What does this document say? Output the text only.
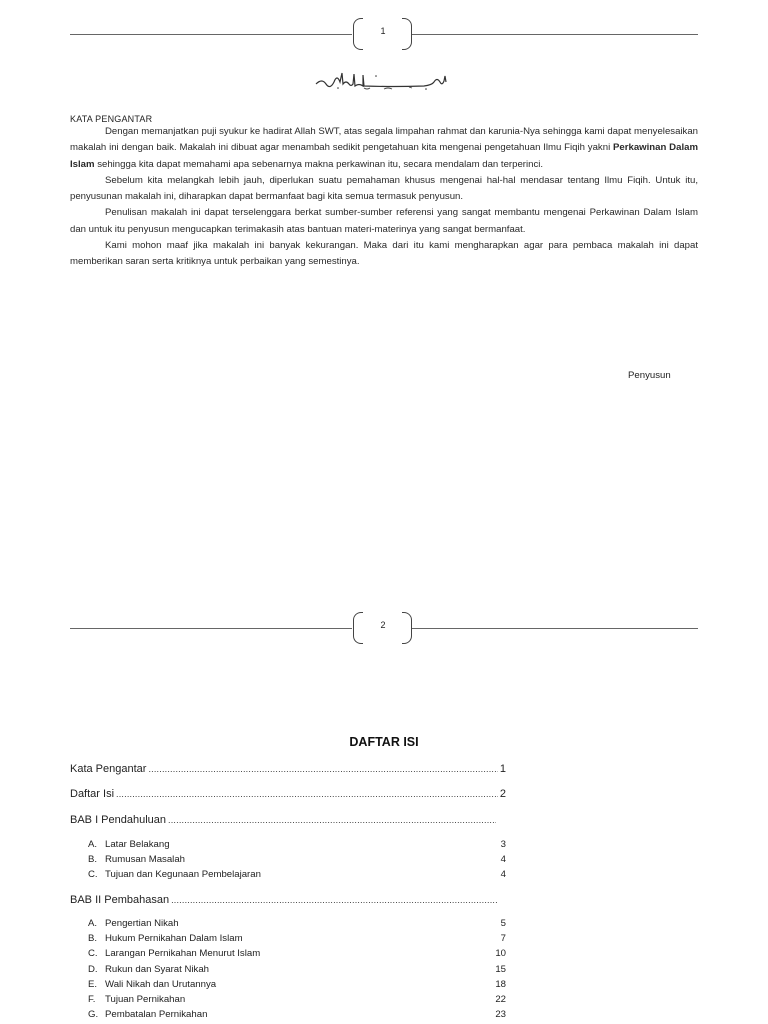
1
KATA PENGANTAR

Dengan memanjatkan puji syukur ke hadirat Allah SWT, atas segala limpahan rahmat dan karunia-Nya sehingga kami dapat menyelesaikan makalah ini dengan baik. Makalah ini dibuat agar menambah sedikit pengetahuan kita mengenai pengetahuan Ilmu Fiqih yakni Perkawinan Dalam Islam sehingga kita dapat memahami apa sebenarnya makna perkawinan itu, secara mendalam dan terperinci.

Sebelum kita melangkah lebih jauh, diperlukan suatu pemahaman khusus mengenai hal-hal mendasar tentang Ilmu Fiqih. Untuk itu, penyusunan makalah ini, diharapkan dapat bermanfaat bagi kita semua termasuk penyusun.

Penulisan makalah ini dapat terselenggara berkat sumber-sumber referensi yang sangat membantu mengenai Perkawinan Dalam Islam dan untuk itu penyusun mengucapkan terimakasih atas bantuan materi-materinya yang sangat bermanfaat.

Kami mohon maaf jika makalah ini banyak kekurangan. Maka dari itu kami mengharapkan agar para pembaca makalah ini dapat memberikan saran serta kritiknya untuk perbaikan yang semestinya.

Penyusun
2
DAFTAR ISI
Kata Pengantar .....	1
Daftar Isi .....	2
BAB I Pendahuluan
.....
A. Latar Belakang	3
B. Rumusan Masalah	4
C. Tujuan dan Kegunaan Pembelajaran	4
BAB II Pembahasan
.....
A. Pengertian Nikah	5
B. Hukum Pernikahan Dalam Islam	7
C. Larangan Pernikahan Menurut Islam	10
D. Rukun dan Syarat Nikah	15
E. Wali Nikah dan Urutannya	18
F. Tujuan Pernikahan	22
G. Pembatalan Pernikahan	23
